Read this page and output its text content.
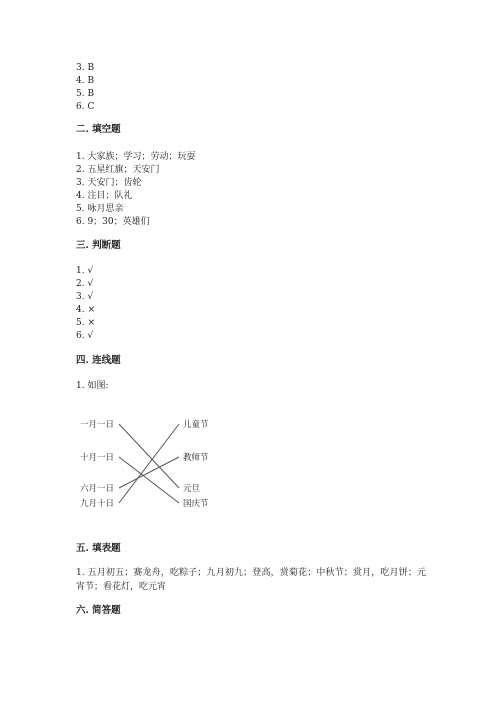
3. B
4. B
5. B
6. C
二. 填空题
1. 大家族；学习；劳动；玩耍
2. 五星红旗；天安门
3. 天安门；齿轮
4. 注目；队礼
5. 咏月思亲
6. 9；30；英雄们
三. 判断题
1. √
2. √
3. √
4. ×
5. ×
6. √
四. 连线题
1. 如图:
一月一日
十月一日
六月一日
九月十日
儿童节
教师节
元旦
国庆节
五. 填表题
1. 五月初五；赛龙舟，吃粽子；九月初九；登高，赏菊花；中秋节；赏月，吃月饼；元宵节；看花灯，吃元宵
六. 简答题
